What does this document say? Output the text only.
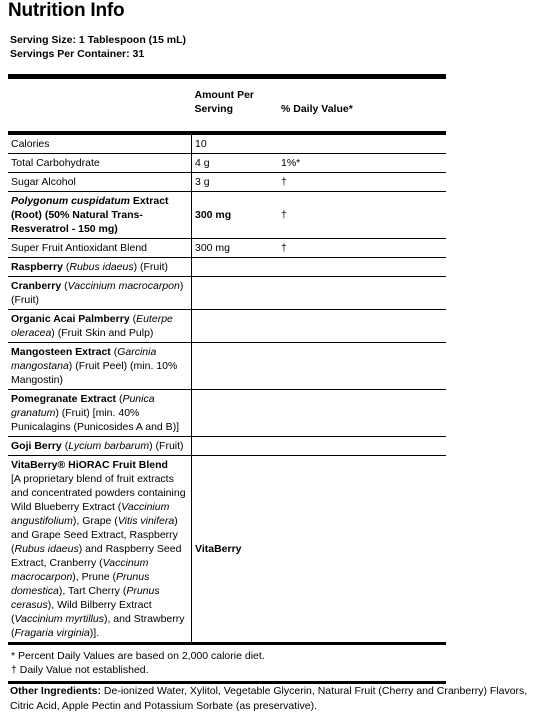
Nutrition Info
Serving Size: 1 Tablespoon (15 mL)
Servings Per Container: 31
	Amount Per
Serving	% Daily Value*
Calories	10	
Total Carbohydrate	4 g	1%*
Sugar Alcohol	3 g	†
Polygonum cuspidatum Extract (Root) (50% Natural Trans-Resveratrol - 150 mg)	300 mg	†
Super Fruit Antioxidant Blend	300 mg	†
Raspberry (Rubus idaeus) (Fruit)		
Cranberry (Vaccinium macrocarpon)
(Fruit)		
Organic Acai Palmberry (Euterpe oleracea) (Fruit Skin and Pulp)		
Mangosteen Extract (Garcinia mangostana) (Fruit Peel) (min. 10% Mangostin)		
Pomegranate Extract (Punica granatum) (Fruit) [min. 40% Punicalagins (Punicosides A and B)]		
Goji Berry (Lycium barbarum) (Fruit)		
VitaBerry® HiORAC Fruit Blend
[A proprietary blend of fruit extracts and concentrated powders containing Wild Blueberry Extract (Vaccinium angustifolium), Grape (Vitis vinifera) and Grape Seed Extract, Raspberry (Rubus idaeus) and Raspberry Seed Extract, Cranberry (Vaccinum macrocarpon), Prune (Prunus domestica), Tart Cherry (Prunus cerasus), Wild Bilberry Extract (Vaccinium myrtillus), and Strawberry (Fragaria virginia)].	VitaBerry	

* Percent Daily Values are based on 2,000 calorie diet.
† Daily Value not established.		
Other Ingredients: De-ionized Water, Xylitol, Vegetable Glycerin, Natural Fruit (Cherry and Cranberry) Flavors, Citric Acid, Apple Pectin and Potassium Sorbate (as preservative).
